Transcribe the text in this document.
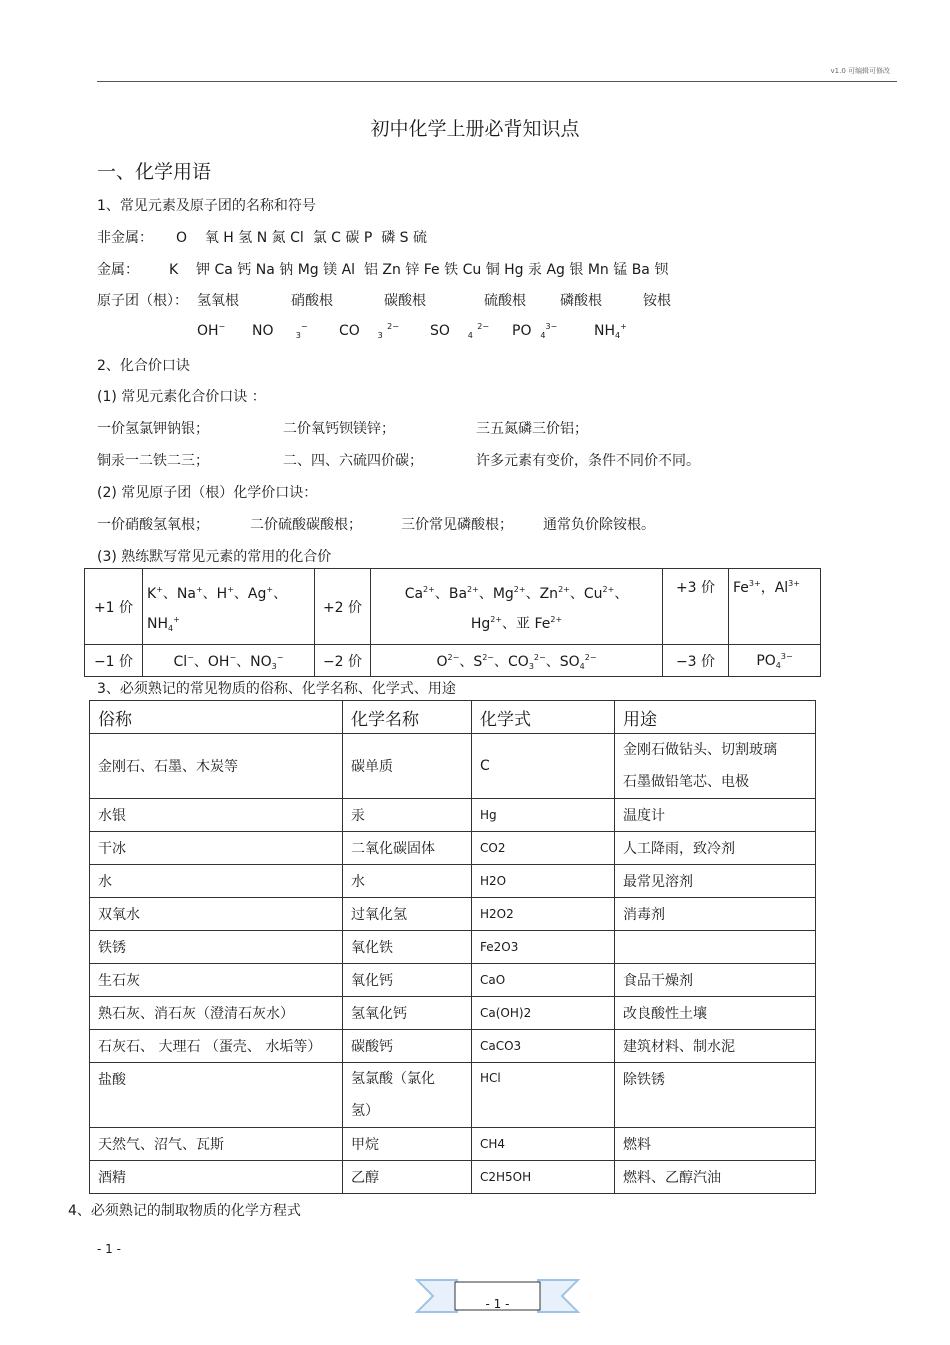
v1.0 可编辑可修改
初中化学上册必背知识点
一、化学用语
1、常见元素及原子团的名称和符号
非金属： O 氧 H 氢 N 氮 Cl 氯 C 碳 P 磷 S 硫
金属： K 钾 Ca 钙 Na 钠 Mg 镁 Al 铝 Zn 锌 Fe 铁 Cu 铜 Hg 汞 Ag 银 Mn 锰 Ba 钡
原子团（根）： 氢氧根	硝酸根	碳酸根	硫酸根 磷酸根	铵根
OH− NO	$_3$− CO $_3$ $^{2-}$ SO $_4$ $^{2-}$ PO $_4^{3-}$	$NH_4^+$
2、化合价口诀
(1) 常见元素化合价口诀 ：
一价氢氯钾钠银；	二价氧钙钡镁锌；	三五氮磷三价铝；
铜汞一二铁二三；	二、四、六硫四价碳；	许多元素有变价，条件不同价不同。
(2) 常见原子团（根）化学价口诀：
一价硝酸氢氧根；	二价硫酸碳酸根；	三价常见磷酸根； 通常负价除铵根。
(3) 熟练默写常见元素的常用的化合价
+1 价	K+、Na+、H+、Ag+、$NH_4^+$	+2 价	$Ca^{2+}$、$Ba^{2+}$、$Mg^{2+}$、$Zn^{2+}$、$Cu^{2+}$、
$Hg^{2+}$、亚 $Fe^{2+}$	+3 价	$Fe^{3+}$，$Al^{3+}$
−1 价	Cl−、OH−、$NO_3^-$	−2 价	$O^{2-}$、$S^{2-}$、$CO_3^{2-}$、$SO_4^{2-}$	−3 价	$PO_4^{3-}$
3、必须熟记的常见物质的俗称、化学名称、化学式、用途
俗称	化学名称	化学式	用途
金刚石、石墨、木炭等	碳单质	C	金刚石做钻头、切割玻璃
石墨做铅笔芯、电极
水银	汞	Hg	温度计
干冰	二氧化碳固体	CO2	人工降雨，致冷剂
水	水	H2O	最常见溶剂
双氧水	过氧化氢	H2O2	消毒剂
铁锈	氧化铁	Fe2O3	
生石灰	氧化钙	CaO	食品干燥剂
熟石灰、消石灰（澄清石灰水）	氢氧化钙	Ca(OH)2	改良酸性土壤
石灰石、 大理石 （蛋壳、 水垢等）	碳酸钙	CaCO3	建筑材料、制水泥
盐酸	氢氯酸（氯化
氢）	HCl	除铁锈
天然气、沼气、瓦斯	甲烷	CH4	燃料
酒精	乙醇	C2H5OH	燃料、乙醇汽油
4、必须熟记的制取物质的化学方程式
- 1 -
- 1 -
